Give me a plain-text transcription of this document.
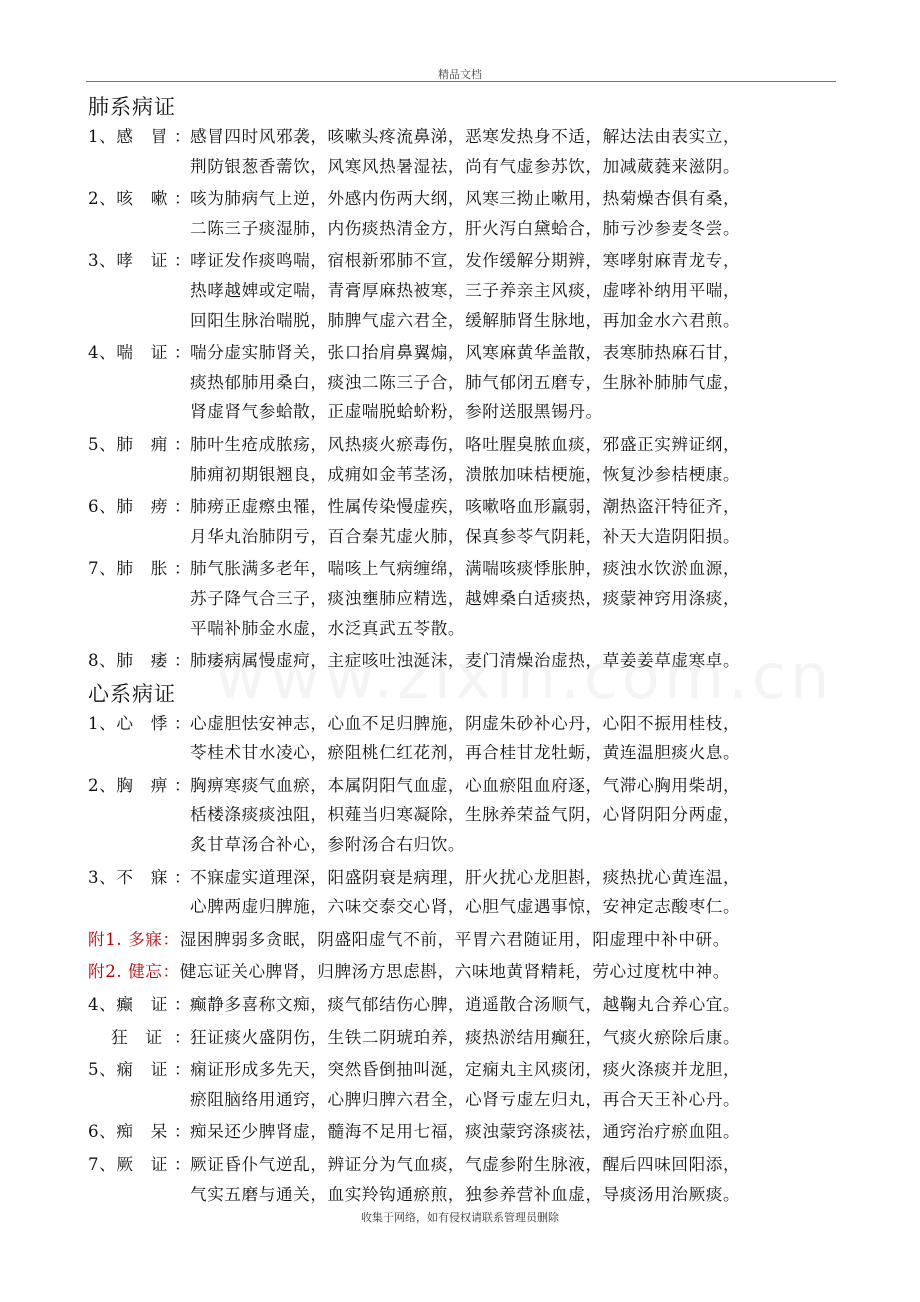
精品文档
肺系病证
1、感　冒 ：
感冒四时风邪袭，咳嗽头疼流鼻涕，恶寒发热身不适，解达法由表实立，
荆防银葱香薷饮，风寒风热暑湿祛，尚有气虚参苏饮，加减葳蕤来滋阴。
2、咳　嗽 ：
咳为肺病气上逆，外感内伤两大纲，风寒三拗止嗽用，热菊燥杏俱有桑，
二陈三子痰湿肺，内伤痰热清金方，肝火泻白黛蛤合，肺亏沙参麦冬尝。
3、哮　证 ：
哮证发作痰鸣喘，宿根新邪肺不宣，发作缓解分期辨，寒哮射麻青龙专，
热哮越婢或定喘，青膏厚麻热被寒，三子养亲主风痰，虚哮补纳用平喘，
回阳生脉治喘脱，肺脾气虚六君全，缓解肺肾生脉地，再加金水六君煎。
4、喘　证 ：
喘分虚实肺肾关，张口抬肩鼻翼煽，风寒麻黄华盖散，表寒肺热麻石甘，
痰热郁肺用桑白，痰浊二陈三子合，肺气郁闭五磨专，生脉补肺肺气虚，
肾虚肾气参蛤散，正虚喘脱蛤蚧粉，参附送服黑锡丹。
5、肺　痈 ：
肺叶生疮成脓疡，风热痰火瘀毒伤，咯吐腥臭脓血痰，邪盛正实辨证纲，
肺痈初期银翘良，成痈如金苇茎汤，溃脓加味桔梗施，恢复沙参桔梗康。
6、肺　痨 ：
肺痨正虚瘵虫罹，性属传染慢虚疾，咳嗽咯血形羸弱，潮热盗汗特征齐，
月华丸治肺阴亏，百合秦艽虚火肺，保真参苓气阴耗，补天大造阴阳损。
7、肺　胀 ：
肺气胀满多老年，喘咳上气病缠绵，满喘咳痰悸胀肿，痰浊水饮淤血源，
苏子降气合三子，痰浊壅肺应精选，越婢桑白适痰热，痰蒙神窍用涤痰，
平喘补肺金水虚，水泛真武五苓散。
8、肺　痿 ：
肺痿病属慢虚疴，主症咳吐浊涎沫，麦门清燥治虚热，草姜姜草虚寒卓。
心系病证
1、心　悸 ：
心虚胆怯安神志，心血不足归脾施，阴虚朱砂补心丹，心阳不振用桂枝，
苓桂术甘水凌心，瘀阻桃仁红花剂，再合桂甘龙牡蛎，黄连温胆痰火息。
2、胸　痹 ：
胸痹寒痰气血瘀，本属阴阳气血虚，心血瘀阻血府逐，气滞心胸用柴胡，
栝楼涤痰痰浊阻，枳薤当归寒凝除，生脉养荣益气阴，心肾阴阳分两虚，
炙甘草汤合补心，参附汤合右归饮。
3、不　寐 ：
不寐虚实道理深，阳盛阴衰是病理，肝火扰心龙胆斟，痰热扰心黄连温，
心脾两虚归脾施，六味交泰交心肾，心胆气虚遇事惊，安神定志酸枣仁。
附1. 多寐 ： 湿困脾弱多贪眠，阴盛阳虚气不前，平胃六君随证用，阳虚理中补中研。
附2. 健忘 ： 健忘证关心脾肾，归脾汤方思虑斟，六味地黄肾精耗，劳心过度枕中神。
4、癫　证 ：
癫静多喜称文痴，痰气郁结伤心脾，逍遥散合汤顺气，越鞠丸合养心宜。
　 狂　证 ：
狂证痰火盛阴伤，生铁二阴琥珀养，痰热淤结用癫狂，气痰火瘀除后康。
5、痫　证 ：
痫证形成多先天，突然昏倒抽叫涎，定痫丸主风痰闭，痰火涤痰并龙胆，
瘀阻脑络用通窍，心脾归脾六君全，心肾亏虚左归丸，再合天王补心丹。
6、痴　呆 ：
痴呆还少脾肾虚，髓海不足用七福，痰浊蒙窍涤痰祛，通窍治疗瘀血阻。
7、厥　证 ：
厥证昏仆气逆乱，辨证分为气血痰，气虚参附生脉液，醒后四味回阳添，
气实五磨与通关，血实羚钩通瘀煎，独参养营补血虚，导痰汤用治厥痰。
收集于网络，如有侵权请联系管理员删除
